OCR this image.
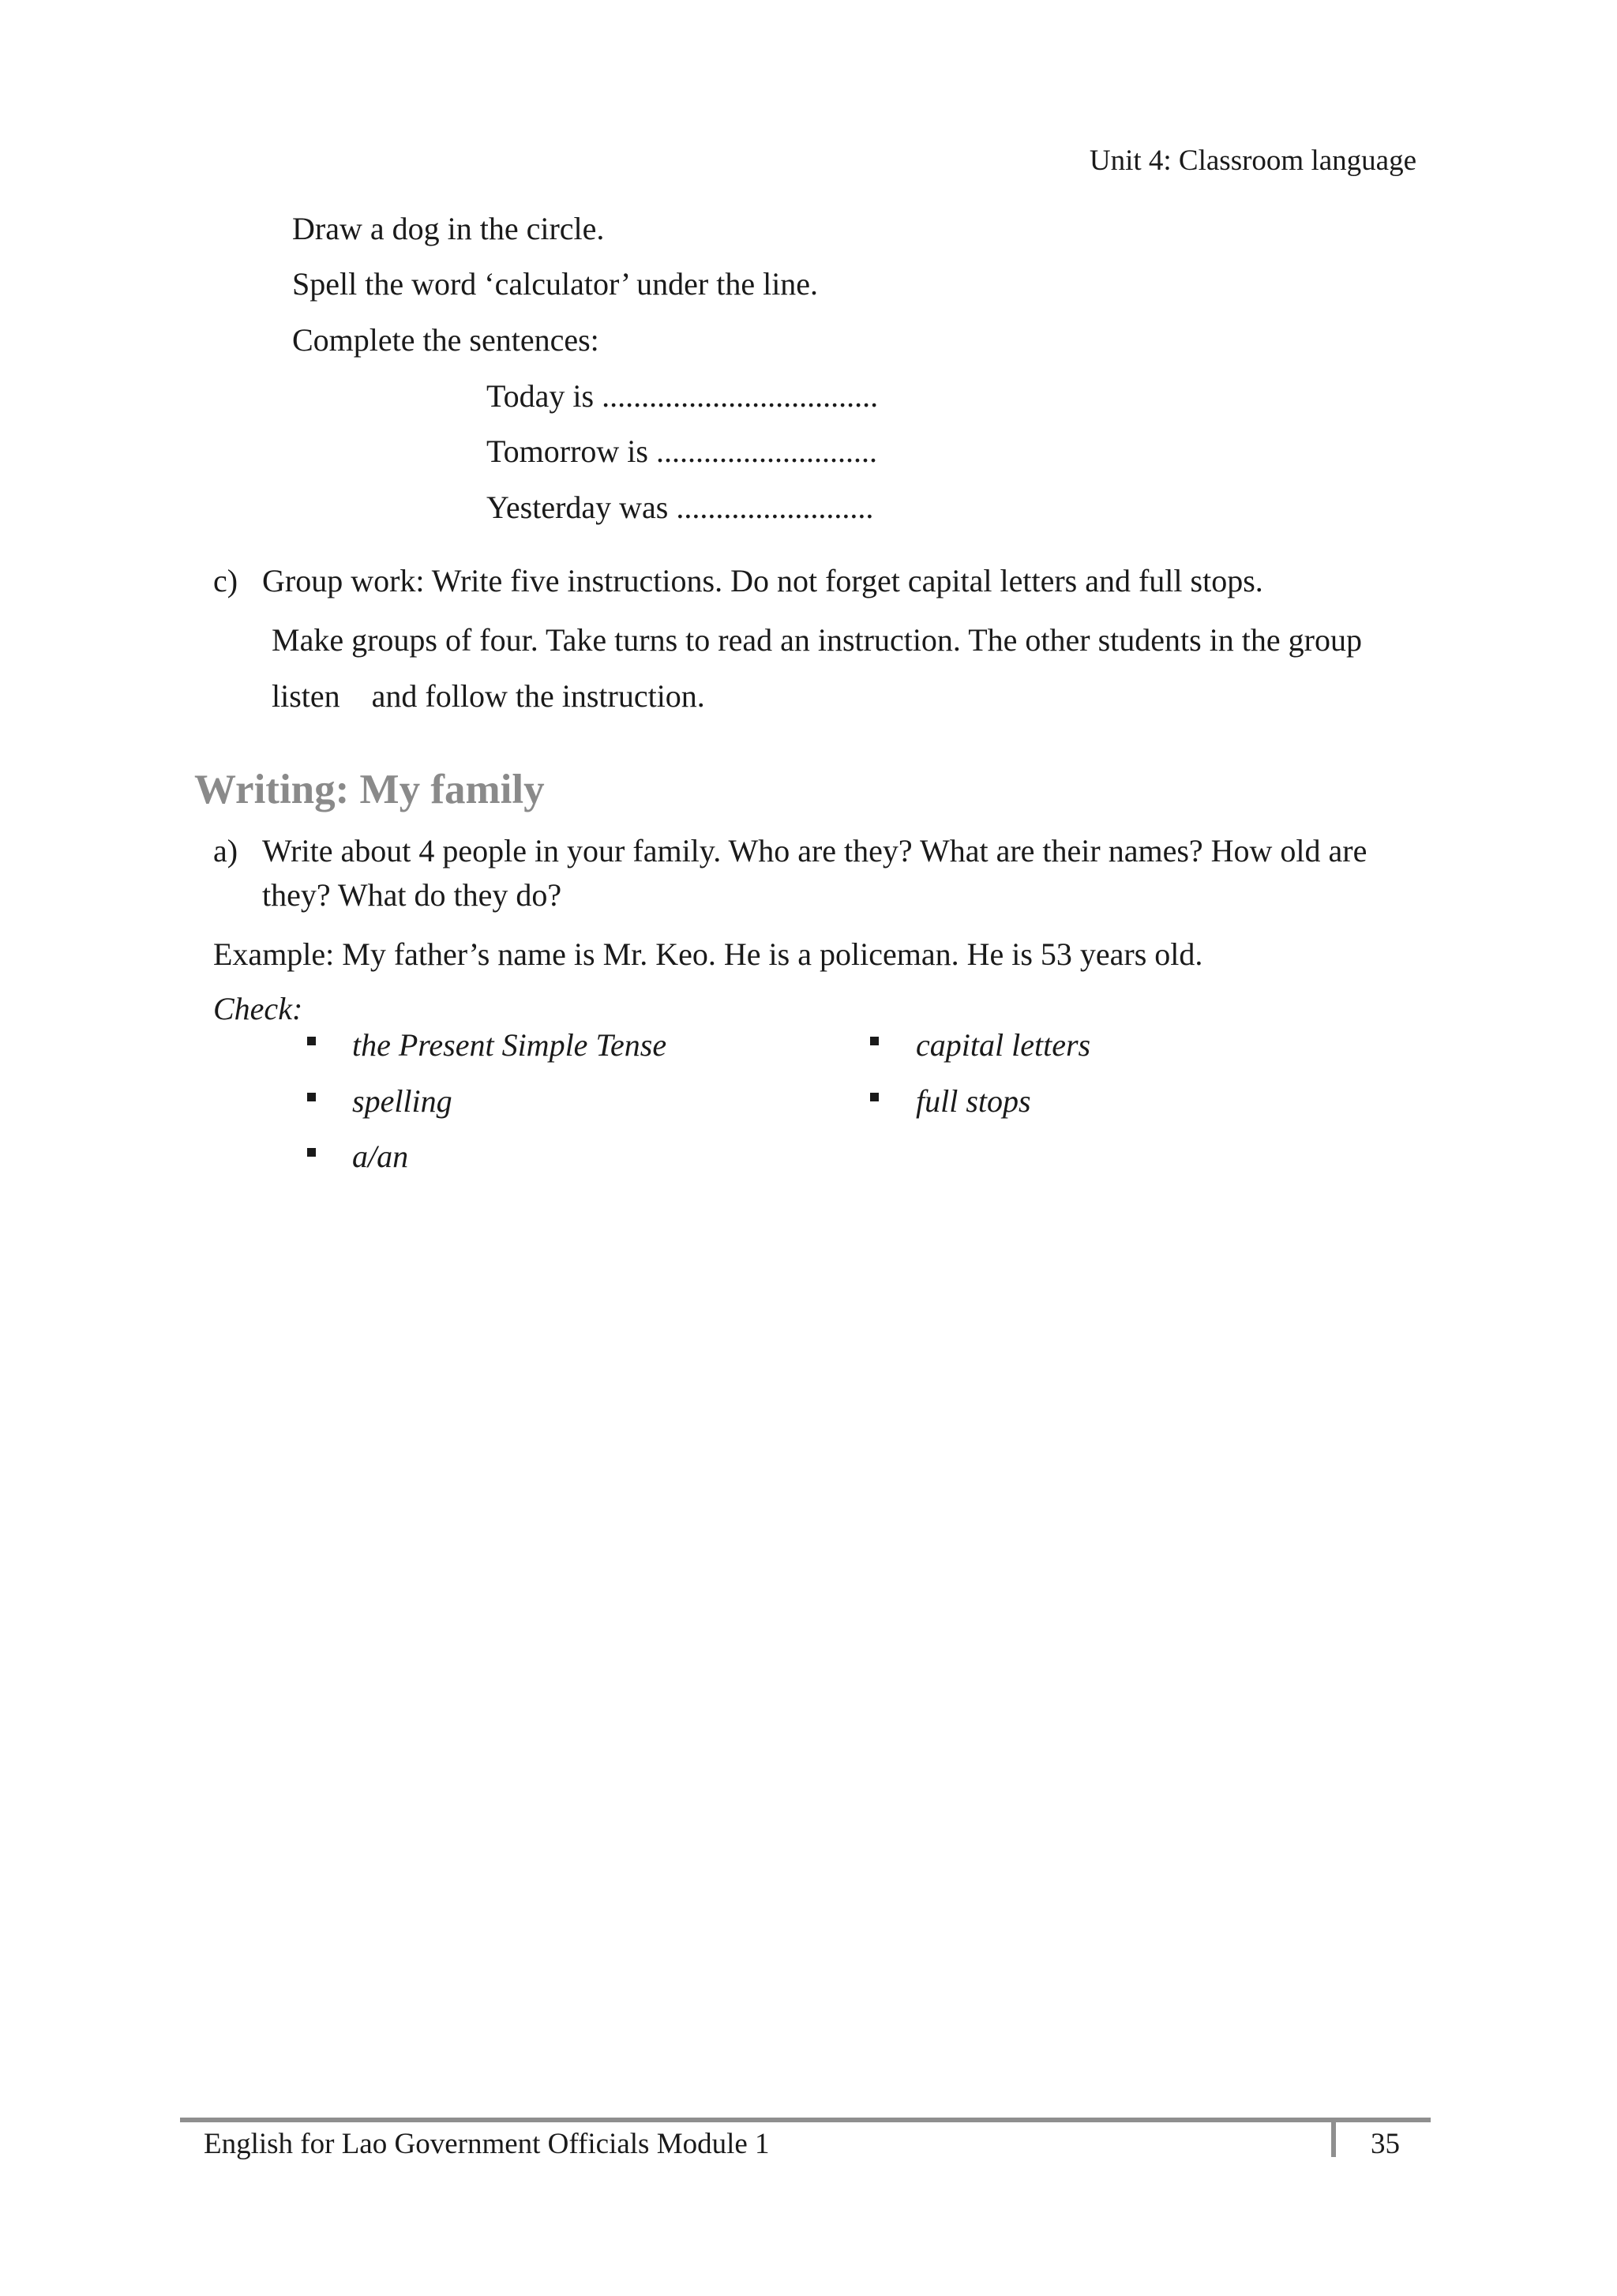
Unit 4: Classroom language
Draw a dog in the circle.
Spell the word ‘calculator’ under the line.
Complete the sentences:
Today is ...................................
Tomorrow is ............................
Yesterday was .........................
c) Group work: Write five instructions. Do not forget capital letters and full stops.
Make groups of four. Take turns to read an instruction. The other students in the group
listen    and follow the instruction.
Writing: My family
a) Write about 4 people in your family. Who are they? What are their names? How old are
they? What do they do?
Example: My father’s name is Mr. Keo. He is a policeman. He is 53 years old.
Check:
the Present Simple Tense
spelling
a/an
capital letters
full stops
English for Lao Government Officials Module 1	35
